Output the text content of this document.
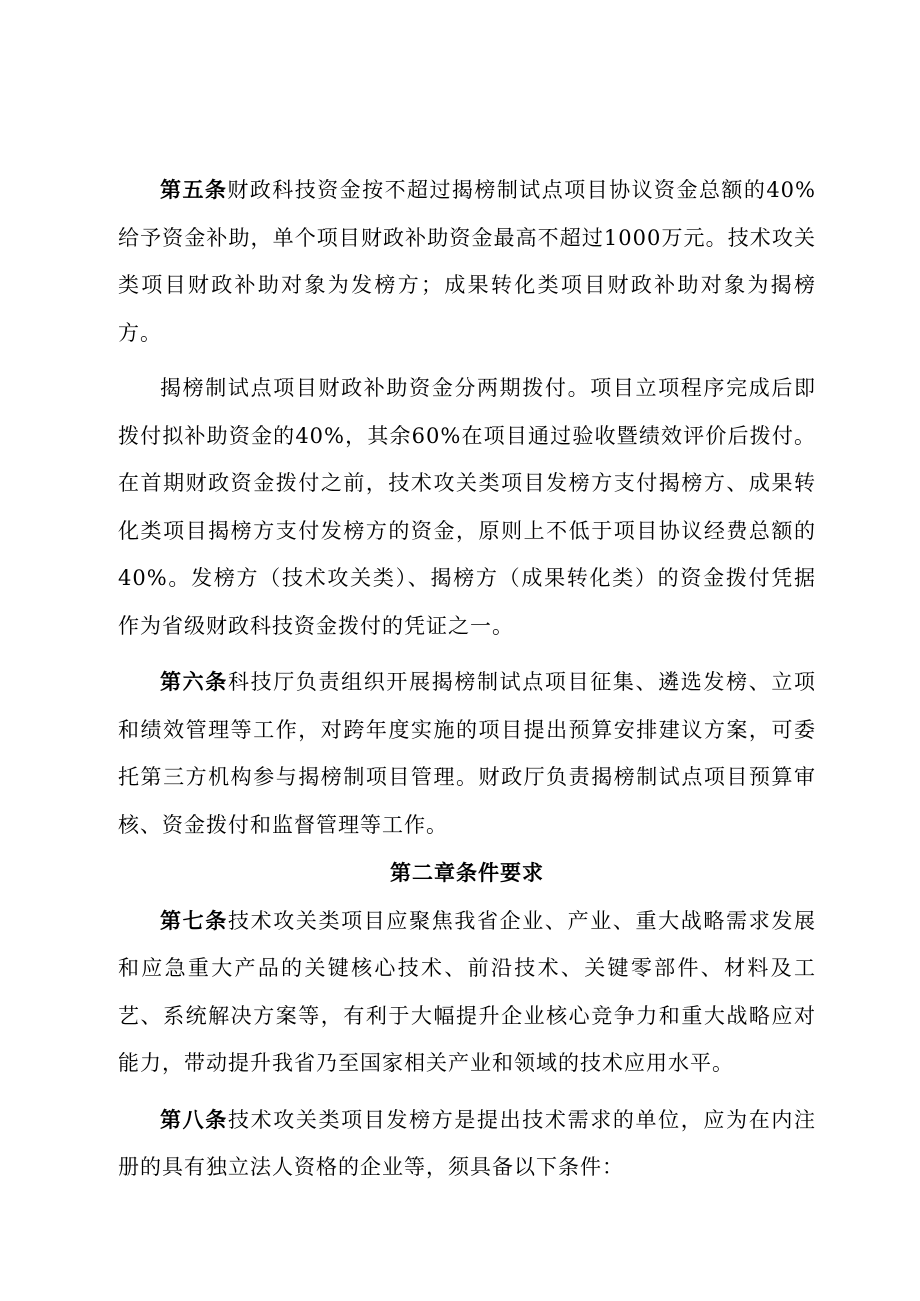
第五条财政科技资金按不超过揭榜制试点项目协议资金总额的40%给予资金补助，单个项目财政补助资金最高不超过1000万元。技术攻关类项目财政补助对象为发榜方；成果转化类项目财政补助对象为揭榜方。

揭榜制试点项目财政补助资金分两期拨付。项目立项程序完成后即拨付拟补助资金的40%，其余60%在项目通过验收暨绩效评价后拨付。在首期财政资金拨付之前，技术攻关类项目发榜方支付揭榜方、成果转化类项目揭榜方支付发榜方的资金，原则上不低于项目协议经费总额的40%。发榜方（技术攻关类）、揭榜方（成果转化类）的资金拨付凭据作为省级财政科技资金拨付的凭证之一。

第六条科技厅负责组织开展揭榜制试点项目征集、遴选发榜、立项和绩效管理等工作，对跨年度实施的项目提出预算安排建议方案，可委托第三方机构参与揭榜制项目管理。财政厅负责揭榜制试点项目预算审核、资金拨付和监督管理等工作。

第二章条件要求

第七条技术攻关类项目应聚焦我省企业、产业、重大战略需求发展和应急重大产品的关键核心技术、前沿技术、关键零部件、材料及工艺、系统解决方案等，有利于大幅提升企业核心竞争力和重大战略应对能力，带动提升我省乃至国家相关产业和领域的技术应用水平。

第八条技术攻关类项目发榜方是提出技术需求的单位，应为在内注册的具有独立法人资格的企业等，须具备以下条件：
